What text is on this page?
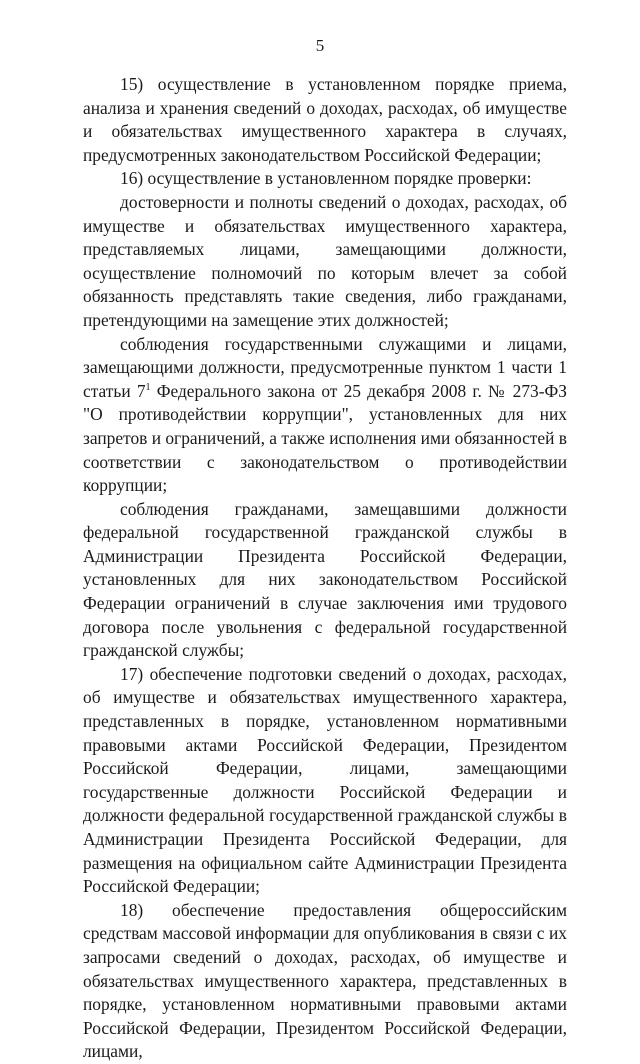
5

15) осуществление в установленном порядке приема, анализа и хранения сведений о доходах, расходах, об имуществе и обязательствах имущественного характера в случаях, предусмотренных законодательством Российской Федерации;

16) осуществление в установленном порядке проверки:

достоверности и полноты сведений о доходах, расходах, об имуществе и обязательствах имущественного характера, представляемых лицами, замещающими должности, осуществление полномочий по которым влечет за собой обязанность представлять такие сведения, либо гражданами, претендующими на замещение этих должностей;

соблюдения государственными служащими и лицами, замещающими должности, предусмотренные пунктом 1 части 1 статьи $7^1$ Федерального закона от 25 декабря 2008 г. № 273-ФЗ "О противодействии коррупции", установленных для них запретов и ограничений, а также исполнения ими обязанностей в соответствии с законодательством о противодействии коррупции;

соблюдения гражданами, замещавшими должности федеральной государственной гражданской службы в Администрации Президента Российской Федерации, установленных для них законодательством Российской Федерации ограничений в случае заключения ими трудового договора после увольнения с федеральной государственной гражданской службы;

17) обеспечение подготовки сведений о доходах, расходах, об имуществе и обязательствах имущественного характера, представленных в порядке, установленном нормативными правовыми актами Российской Федерации, Президентом Российской Федерации, лицами, замещающими государственные должности Российской Федерации и должности федеральной государственной гражданской службы в Администрации Президента Российской Федерации, для размещения на официальном сайте Администрации Президента Российской Федерации;

18) обеспечение предоставления общероссийским средствам массовой информации для опубликования в связи с их запросами сведений о доходах, расходах, об имуществе и обязательствах имущественного характера, представленных в порядке, установленном нормативными правовыми актами Российской Федерации, Президентом Российской Федерации, лицами,
